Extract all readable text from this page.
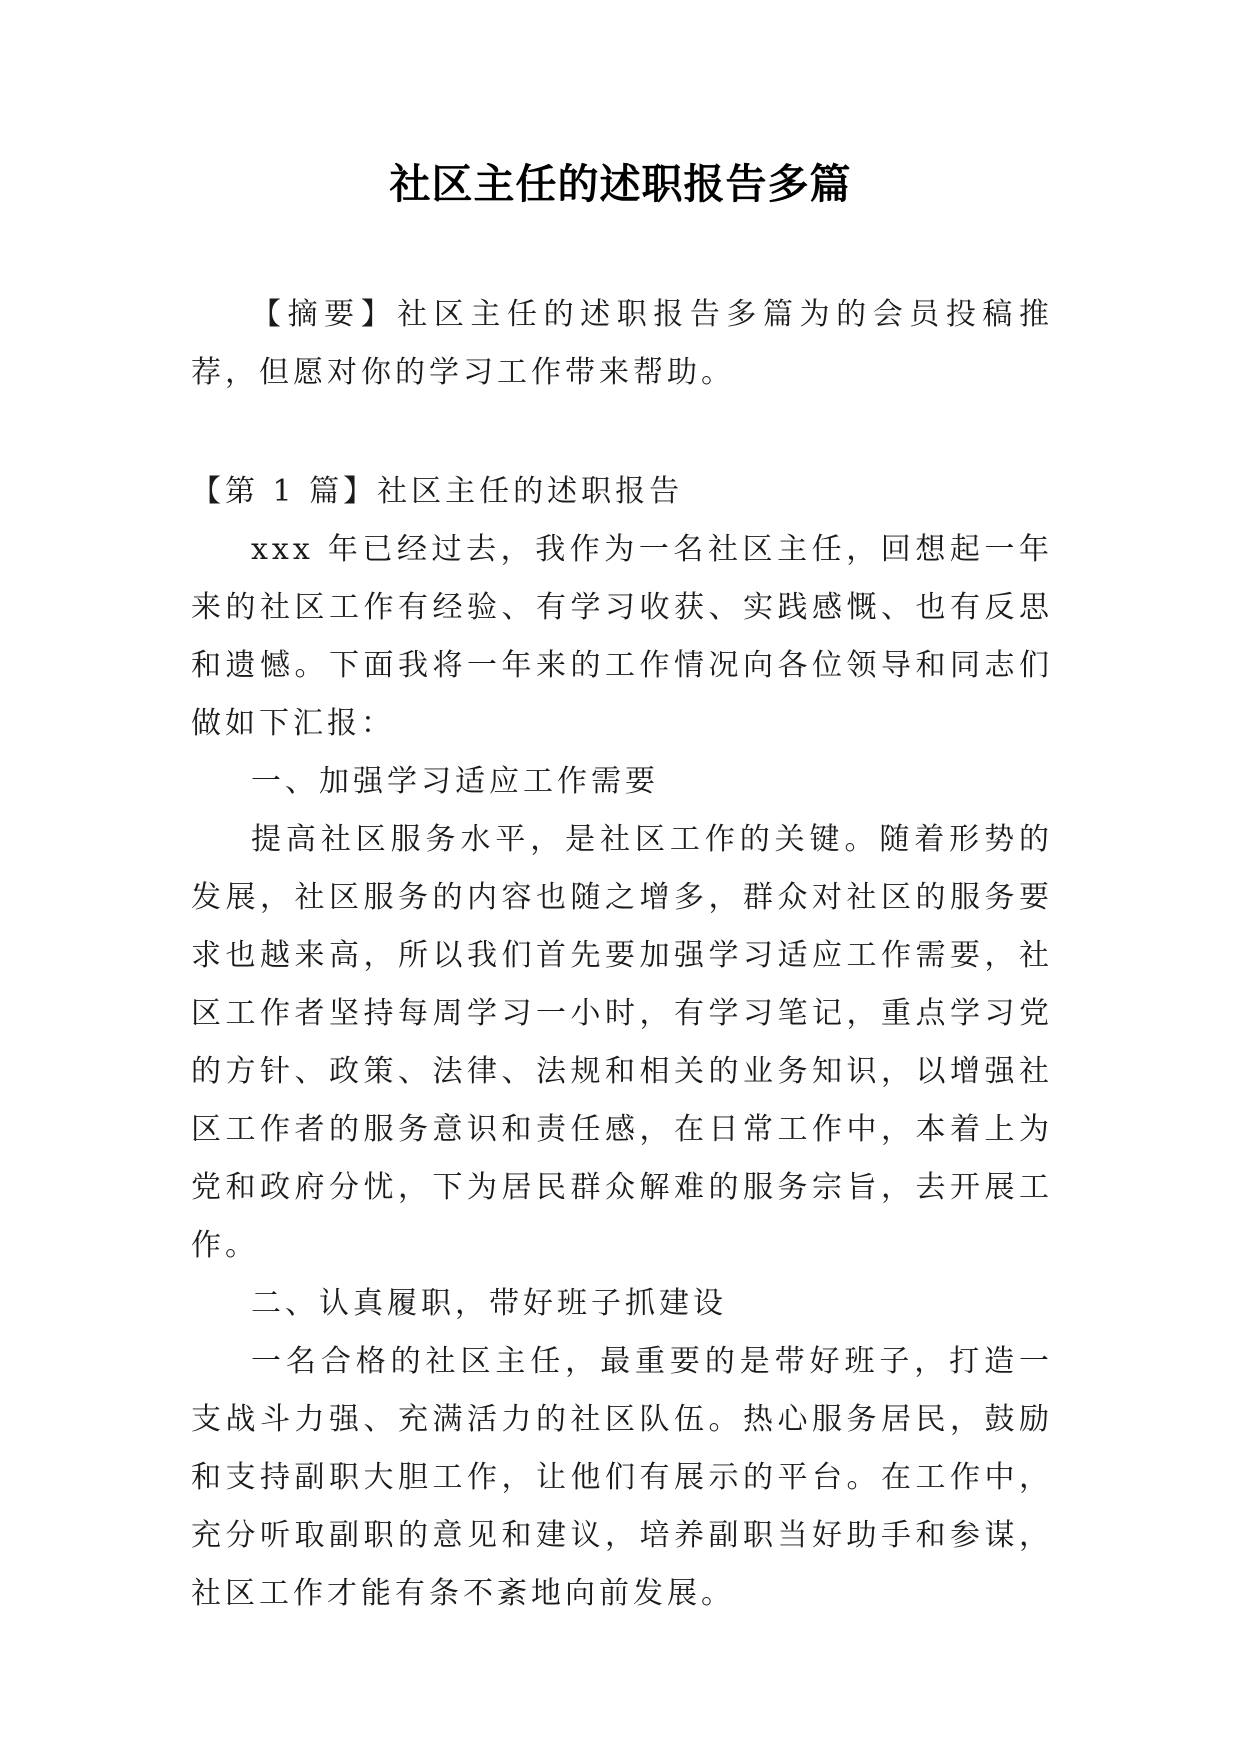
社区主任的述职报告多篇

【摘要】社区主任的述职报告多篇为的会员投稿推荐，但愿对你的学习工作带来帮助。

【第 1 篇】社区主任的述职报告

xxx 年已经过去，我作为一名社区主任，回想起一年来的社区工作有经验、有学习收获、实践感慨、也有反思和遗憾。下面我将一年来的工作情况向各位领导和同志们做如下汇报：

一、加强学习适应工作需要

提高社区服务水平，是社区工作的关键。随着形势的发展，社区服务的内容也随之增多，群众对社区的服务要求也越来高，所以我们首先要加强学习适应工作需要，社区工作者坚持每周学习一小时，有学习笔记，重点学习党的方针、政策、法律、法规和相关的业务知识，以增强社区工作者的服务意识和责任感，在日常工作中，本着上为党和政府分忧，下为居民群众解难的服务宗旨，去开展工作。

二、认真履职，带好班子抓建设

一名合格的社区主任，最重要的是带好班子，打造一支战斗力强、充满活力的社区队伍。热心服务居民，鼓励和支持副职大胆工作，让他们有展示的平台。在工作中，充分听取副职的意见和建议，培养副职当好助手和参谋，社区工作才能有条不紊地向前发展。
